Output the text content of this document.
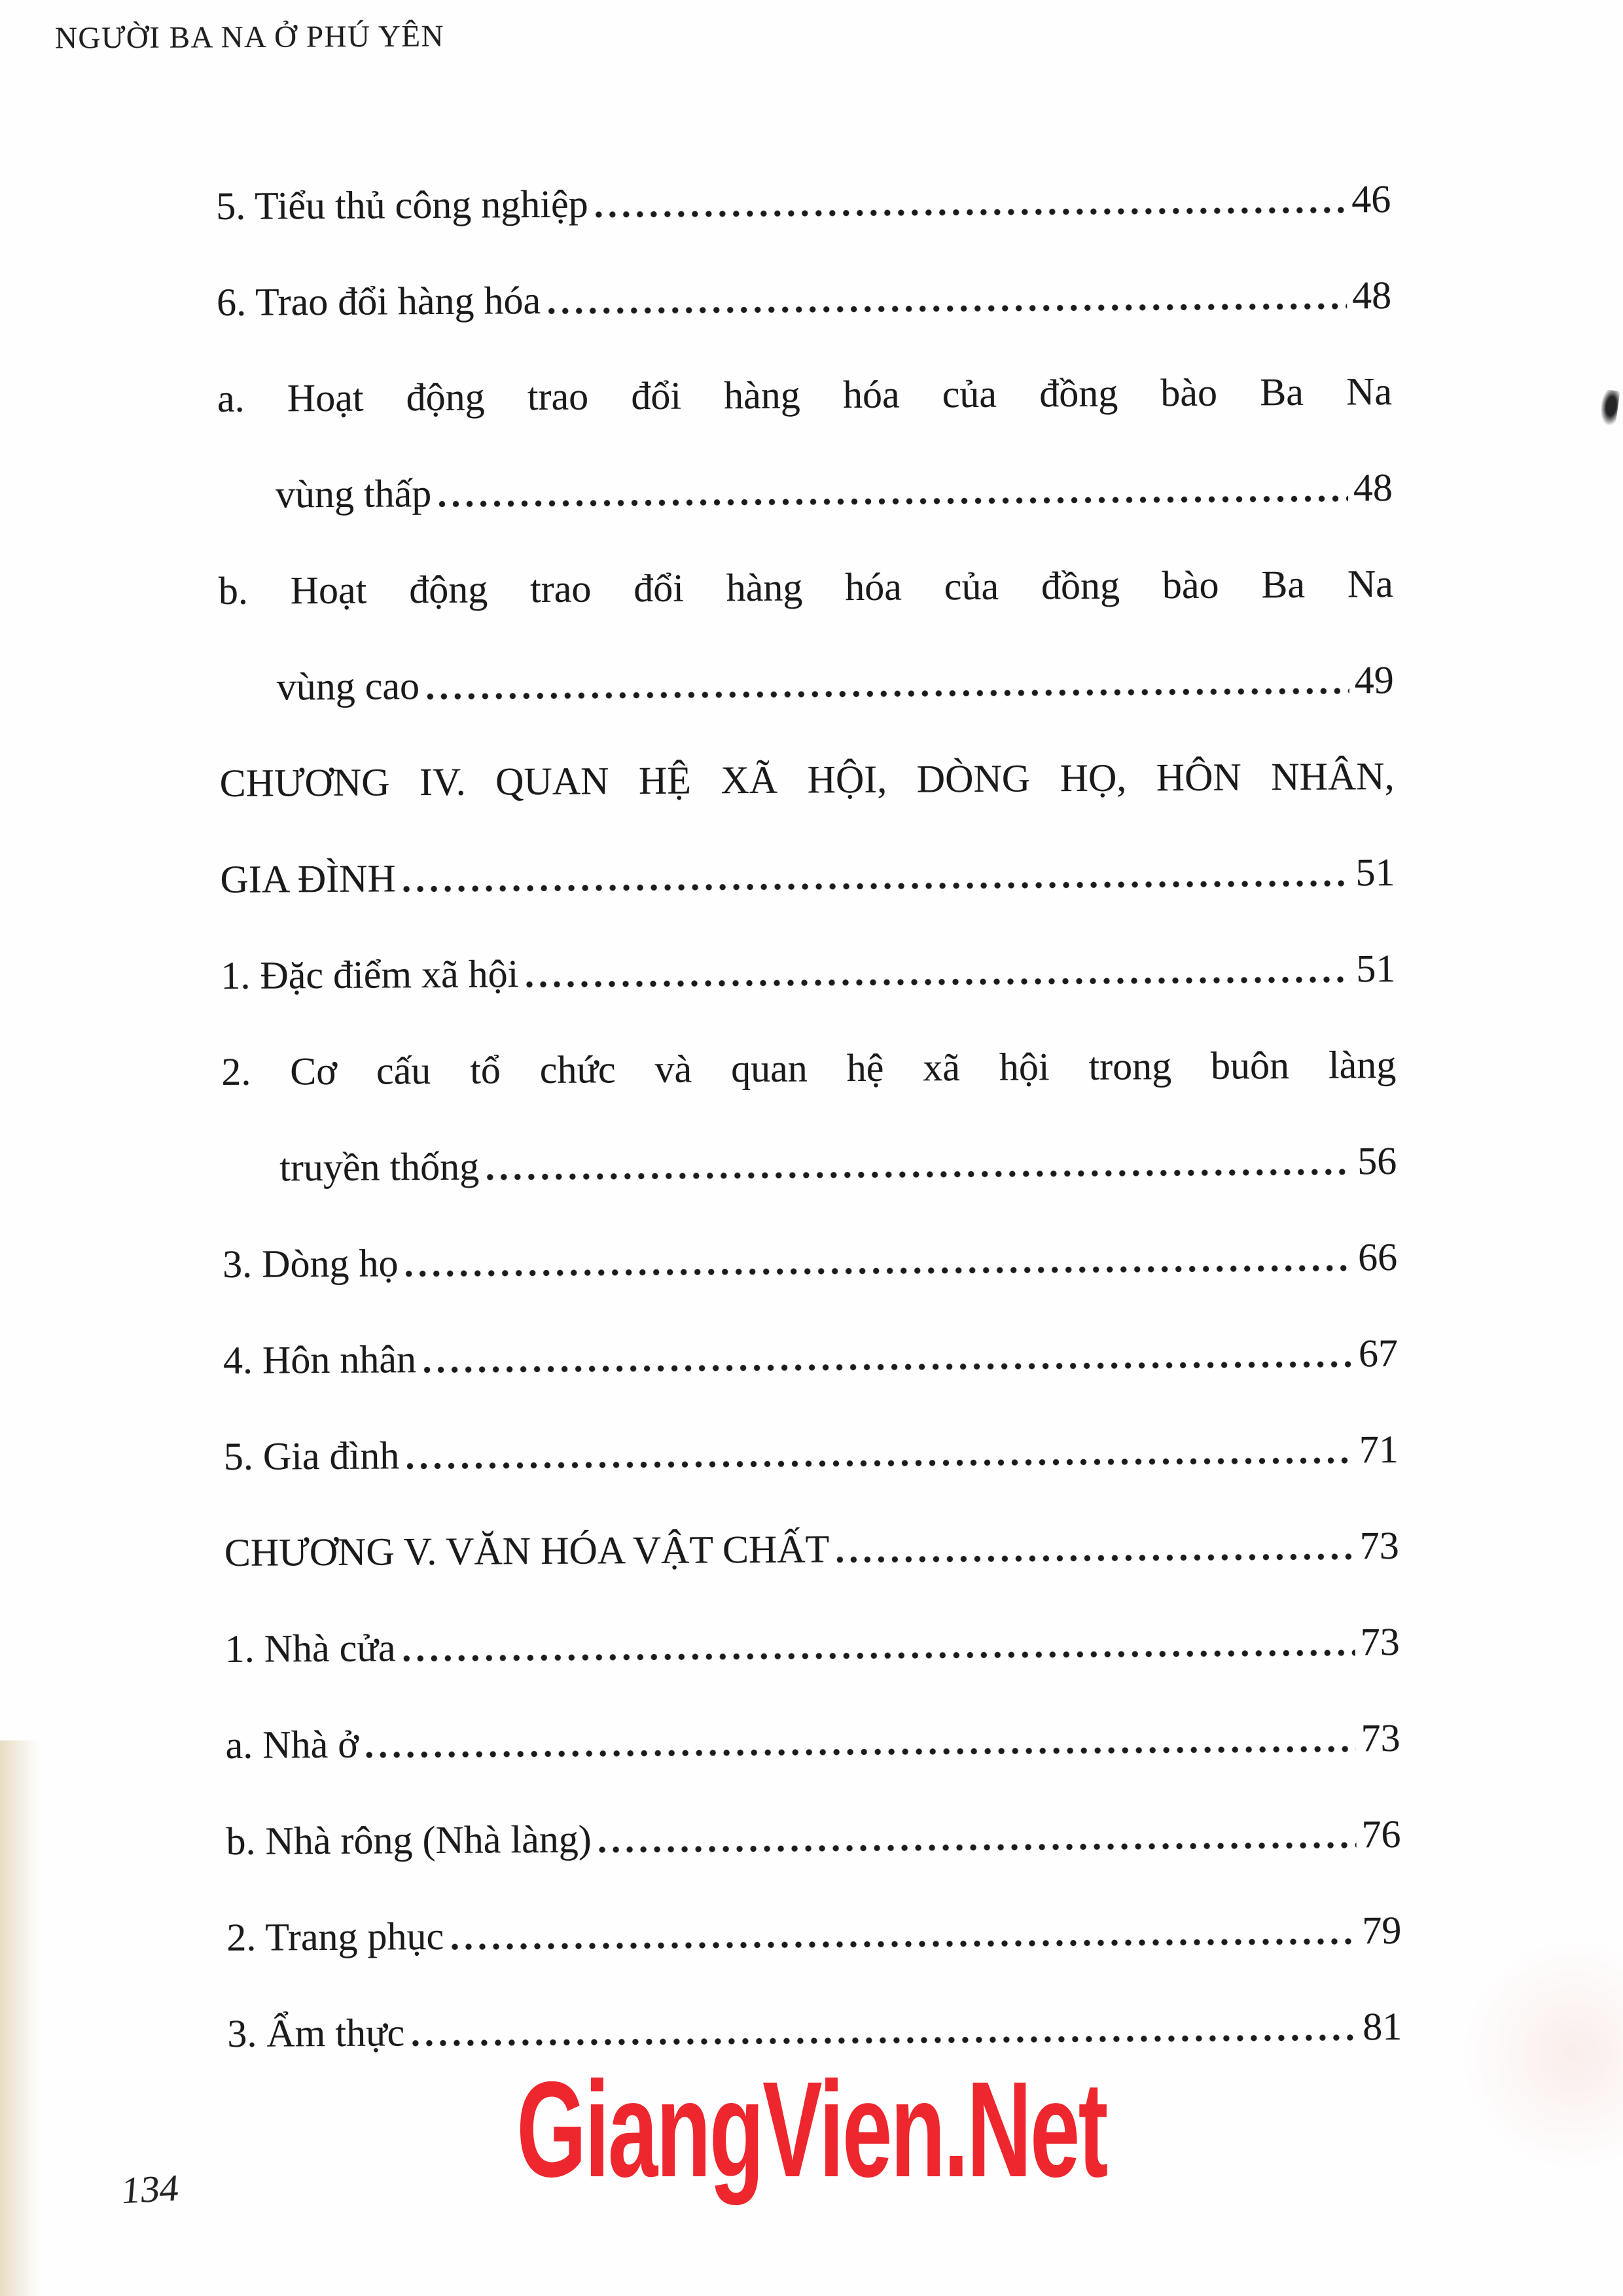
NGƯỜI BA NA Ở PHÚ YÊN
5. Tiểu thủ công nghiệp	46
6. Trao đổi hàng hóa	48
a. Hoạt động trao đổi hàng hóa của đồng bào Ba Na
vùng thấp	48
b. Hoạt động trao đổi hàng hóa của đồng bào Ba Na
vùng cao	49
CHƯƠNG IV. QUAN HỆ XÃ HỘI, DÒNG HỌ, HÔN NHÂN,
GIA ĐÌNH	51
1. Đặc điểm xã hội	51
2. Cơ cấu tổ chức và quan hệ xã hội trong buôn làng
truyền thống	56
3. Dòng họ	66
4. Hôn nhân	67
5. Gia đình	71
CHƯƠNG V. VĂN HÓA VẬT CHẤT	73
1. Nhà cửa	73
a. Nhà ở	73
b. Nhà rông (Nhà làng)	76
2. Trang phục	79
3. Ẩm thực	81
GiangVien.Net
134
